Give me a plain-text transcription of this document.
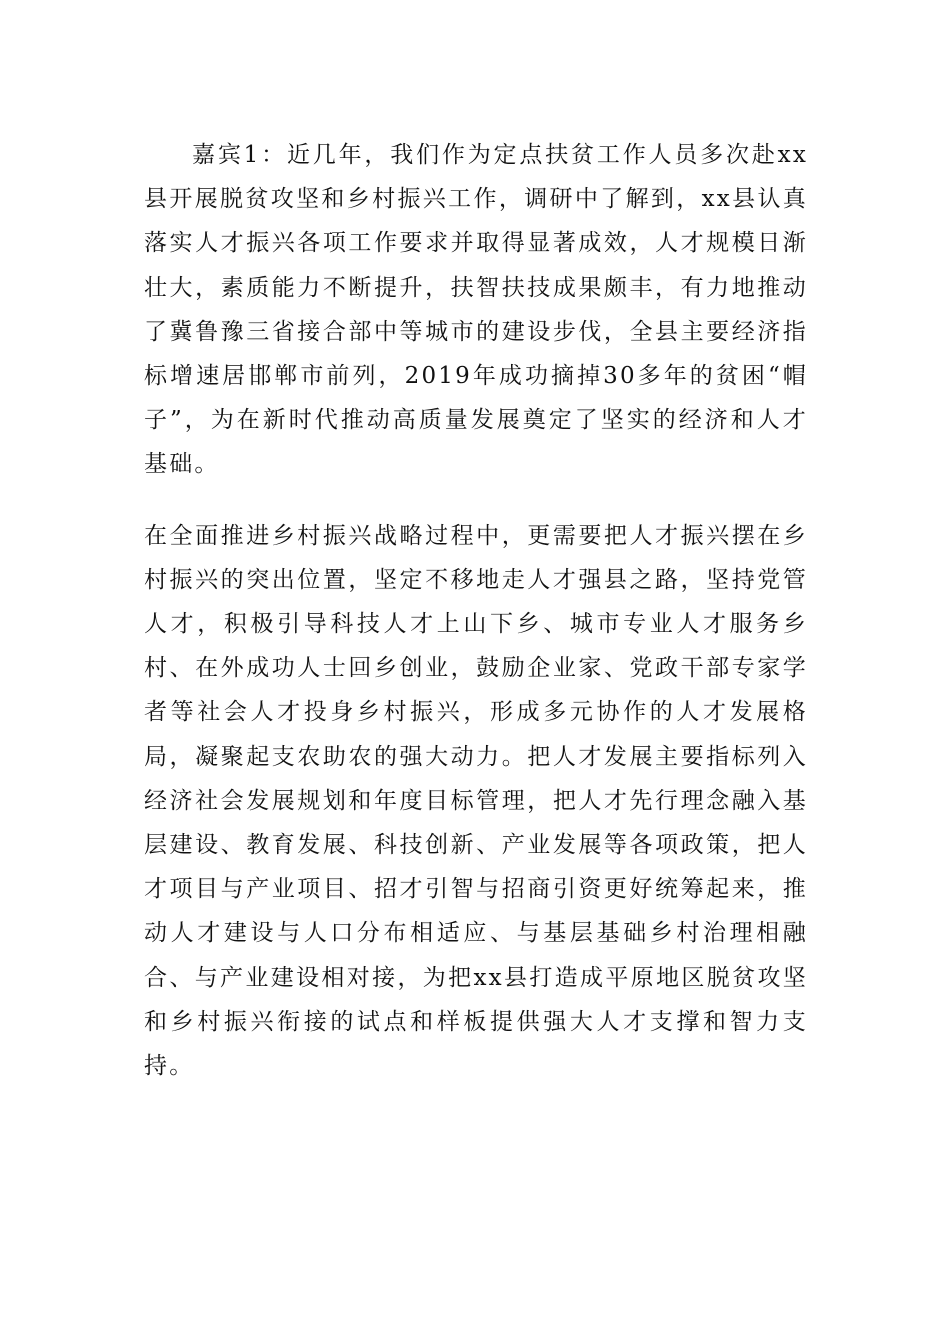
嘉宾1：近几年，我们作为定点扶贫工作人员多次赴xx县开展脱贫攻坚和乡村振兴工作，调研中了解到，xx县认真落实人才振兴各项工作要求并取得显著成效，人才规模日渐壮大，素质能力不断提升，扶智扶技成果颇丰，有力地推动了冀鲁豫三省接合部中等城市的建设步伐，全县主要经济指标增速居邯郸市前列，2019年成功摘掉30多年的贫困“帽子”，为在新时代推动高质量发展奠定了坚实的经济和人才基础。

在全面推进乡村振兴战略过程中，更需要把人才振兴摆在乡村振兴的突出位置，坚定不移地走人才强县之路，坚持党管人才，积极引导科技人才上山下乡、城市专业人才服务乡村、在外成功人士回乡创业，鼓励企业家、党政干部专家学者等社会人才投身乡村振兴，形成多元协作的人才发展格局，凝聚起支农助农的强大动力。把人才发展主要指标列入经济社会发展规划和年度目标管理，把人才先行理念融入基层建设、教育发展、科技创新、产业发展等各项政策，把人才项目与产业项目、招才引智与招商引资更好统筹起来，推动人才建设与人口分布相适应、与基层基础乡村治理相融合、与产业建设相对接，为把xx县打造成平原地区脱贫攻坚和乡村振兴衔接的试点和样板提供强大人才支撑和智力支持。
